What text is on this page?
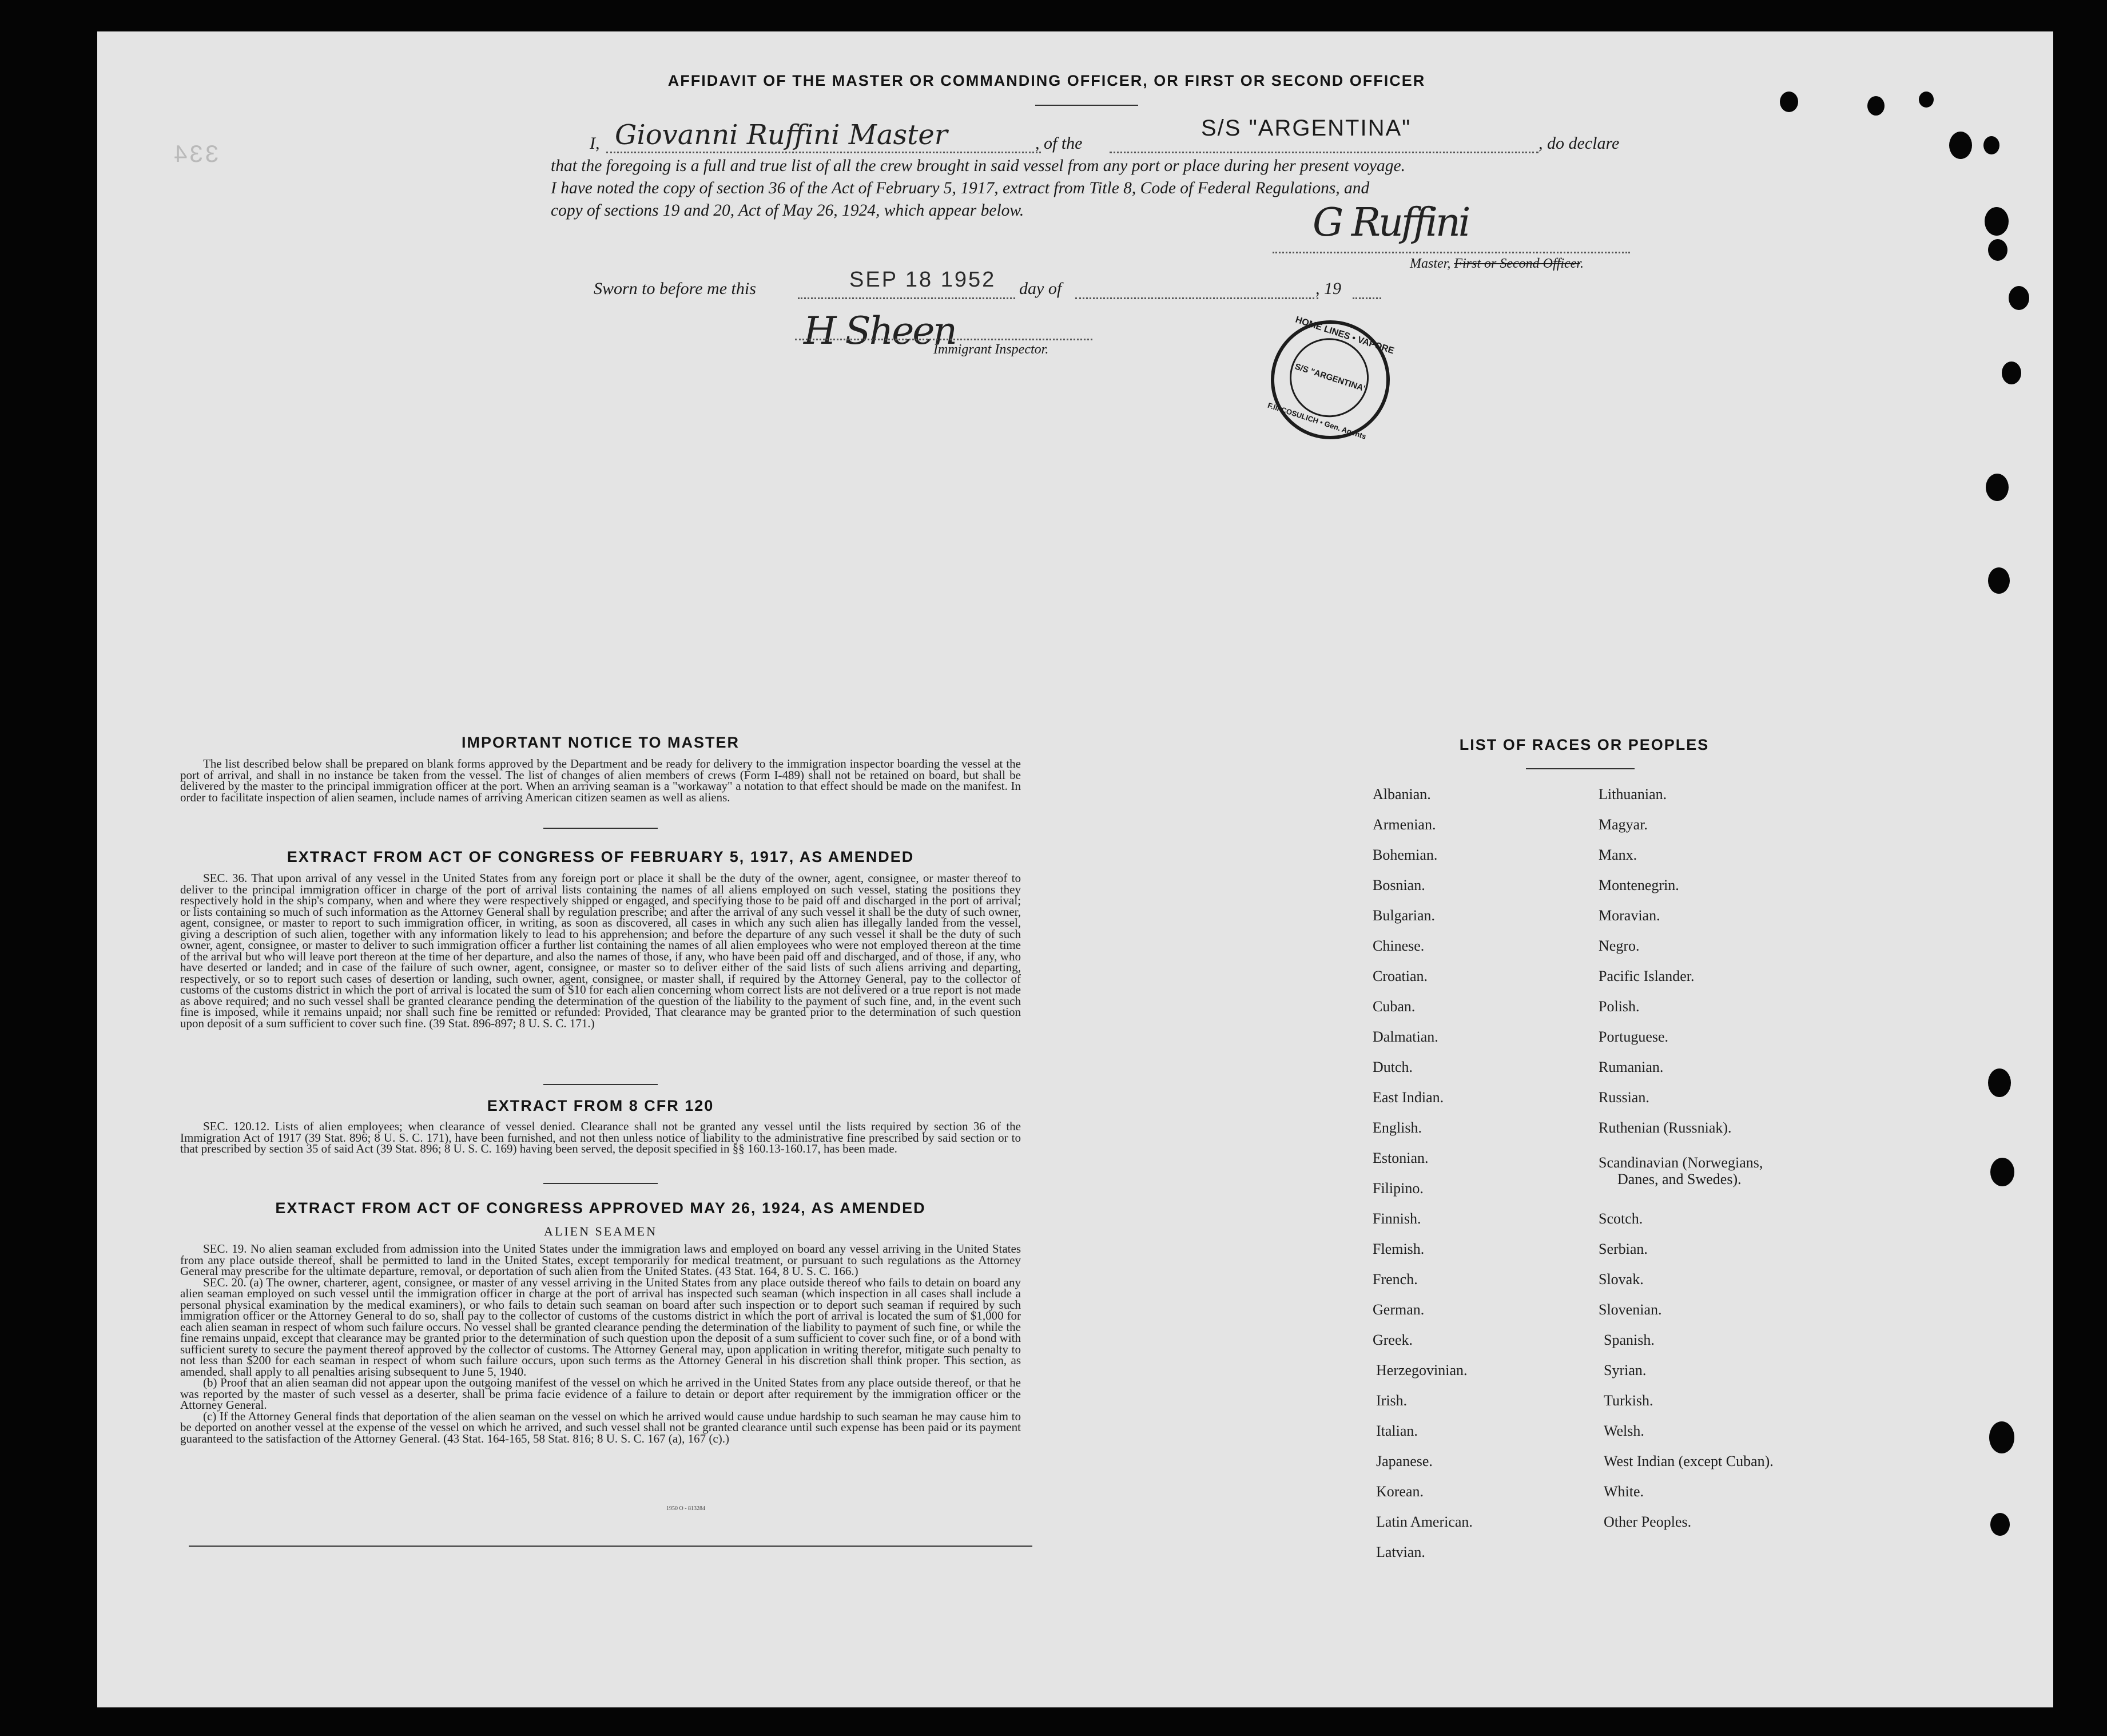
334
AFFIDAVIT OF THE MASTER OR COMMANDING OFFICER, OR FIRST OR SECOND OFFICER
I, Giovanni Ruffini Master	, of the
S/S "ARGENTINA"
, do declare
that the foregoing is a full and true list of all the crew brought in said vessel from any port or place during her present voyage.
I have noted the copy of section 36 of the Act of February 5, 1917, extract from Title 8, Code of Federal Regulations, and
copy of sections 19 and 20, Act of May 26, 1924, which appear below.	G Ruffini
Master, First or Second Officer.
Sworn to before me this	SEP 18 1952 day of	, 19
H Sheen
Immigrant Inspector.	HOME LINES • VAPORE
S/S "ARGENTINA"
F.lli COSULICH • Gen. Agents
IMPORTANT NOTICE TO MASTER
The list described below shall be prepared on blank forms approved by the Department and be ready for delivery to the immigration inspector boarding the vessel at the port of arrival, and shall in no instance be taken from the vessel. The list of changes of alien members of crews (Form I-489) shall not be retained on board, but shall be delivered by the master to the principal immigration officer at the port. When an arriving seaman is a "workaway" a notation to that effect should be made on the manifest. In order to facilitate inspection of alien seamen, include names of arriving American citizen seamen as well as aliens.
EXTRACT FROM ACT OF CONGRESS OF FEBRUARY 5, 1917, AS AMENDED
SEC. 36. That upon arrival of any vessel in the United States from any foreign port or place it shall be the duty of the owner, agent, consignee, or master thereof to deliver to the principal immigration officer in charge of the port of arrival lists containing the names of all aliens employed on such vessel, stating the positions they respectively hold in the ship's company, when and where they were respectively shipped or engaged, and specifying those to be paid off and discharged in the port of arrival; or lists containing so much of such information as the Attorney General shall by regulation prescribe; and after the arrival of any such vessel it shall be the duty of such owner, agent, consignee, or master to report to such immigration officer, in writing, as soon as discovered, all cases in which any such alien has illegally landed from the vessel, giving a description of such alien, together with any information likely to lead to his apprehension; and before the departure of any such vessel it shall be the duty of such owner, agent, consignee, or master to deliver to such immigration officer a further list containing the names of all alien employees who were not employed thereon at the time of the arrival but who will leave port thereon at the time of her departure, and also the names of those, if any, who have been paid off and discharged, and of those, if any, who have deserted or landed; and in case of the failure of such owner, agent, consignee, or master so to deliver either of the said lists of such aliens arriving and departing, respectively, or so to report such cases of desertion or landing, such owner, agent, consignee, or master shall, if required by the Attorney General, pay to the collector of customs of the customs district in which the port of arrival is located the sum of $10 for each alien concerning whom correct lists are not delivered or a true report is not made as above required; and no such vessel shall be granted clearance pending the determination of the question of the liability to the payment of such fine, and, in the event such fine is imposed, while it remains unpaid; nor shall such fine be remitted or refunded: Provided, That clearance may be granted prior to the determination of such question upon deposit of a sum sufficient to cover such fine. (39 Stat. 896-897; 8 U. S. C. 171.)
EXTRACT FROM 8 CFR 120
SEC. 120.12. Lists of alien employees; when clearance of vessel denied. Clearance shall not be granted any vessel until the lists required by section 36 of the Immigration Act of 1917 (39 Stat. 896; 8 U. S. C. 171), have been furnished, and not then unless notice of liability to the administrative fine prescribed by said section or to that prescribed by section 35 of said Act (39 Stat. 896; 8 U. S. C. 169) having been served, the deposit specified in §§ 160.13-160.17, has been made.
EXTRACT FROM ACT OF CONGRESS APPROVED MAY 26, 1924, AS AMENDED
ALIEN SEAMEN
SEC. 19. No alien seaman excluded from admission into the United States under the immigration laws and employed on board any vessel arriving in the United States from any place outside thereof, shall be permitted to land in the United States, except temporarily for medical treatment, or pursuant to such regulations as the Attorney General may prescribe for the ultimate departure, removal, or deportation of such alien from the United States. (43 Stat. 164, 8 U. S. C. 166.)
SEC. 20. (a) The owner, charterer, agent, consignee, or master of any vessel arriving in the United States from any place outside thereof who fails to detain on board any alien seaman employed on such vessel until the immigration officer in charge at the port of arrival has inspected such seaman (which inspection in all cases shall include a personal physical examination by the medical examiners), or who fails to detain such seaman on board after such inspection or to deport such seaman if required by such immigration officer or the Attorney General to do so, shall pay to the collector of customs of the customs district in which the port of arrival is located the sum of $1,000 for each alien seaman in respect of whom such failure occurs. No vessel shall be granted clearance pending the determination of the liability to payment of such fine, or while the fine remains unpaid, except that clearance may be granted prior to the determination of such question upon the deposit of a sum sufficient to cover such fine, or of a bond with sufficient surety to secure the payment thereof approved by the collector of customs. The Attorney General may, upon application in writing therefor, mitigate such penalty to not less than $200 for each seaman in respect of whom such failure occurs, upon such terms as the Attorney General in his discretion shall think proper. This section, as amended, shall apply to all penalties arising subsequent to June 5, 1940.
(b) Proof that an alien seaman did not appear upon the outgoing manifest of the vessel on which he arrived in the United States from any place outside thereof, or that he was reported by the master of such vessel as a deserter, shall be prima facie evidence of a failure to detain or deport after requirement by the immigration officer or the Attorney General.
(c) If the Attorney General finds that deportation of the alien seaman on the vessel on which he arrived would cause undue hardship to such seaman he may cause him to be deported on another vessel at the expense of the vessel on which he arrived, and such vessel shall not be granted clearance until such expense has been paid or its payment guaranteed to the satisfaction of the Attorney General. (43 Stat. 164-165, 58 Stat. 816; 8 U. S. C. 167 (a), 167 (c).)
1950 O - 813284
LIST OF RACES OR PEOPLES
Albanian.
Armenian.
Bohemian.
Bosnian.
Bulgarian.
Chinese.
Croatian.
Cuban.
Dalmatian.
Dutch.
East Indian.
English.
Estonian.
Filipino.
Finnish.
Flemish.
French.
German.
Greek.
Herzegovinian.
Irish.
Italian.
Japanese.
Korean.
Latin American.
Latvian.
Lithuanian.
Magyar.
Manx.
Montenegrin.
Moravian.
Negro.
Pacific Islander.
Polish.
Portuguese.
Rumanian.
Russian.
Ruthenian (Russniak).
Scandinavian (Norwegians,
Danes, and Swedes).
Scotch.
Serbian.
Slovak.
Slovenian.
Spanish.
Syrian.
Turkish.
Welsh.
West Indian (except Cuban).
White.
Other Peoples.
